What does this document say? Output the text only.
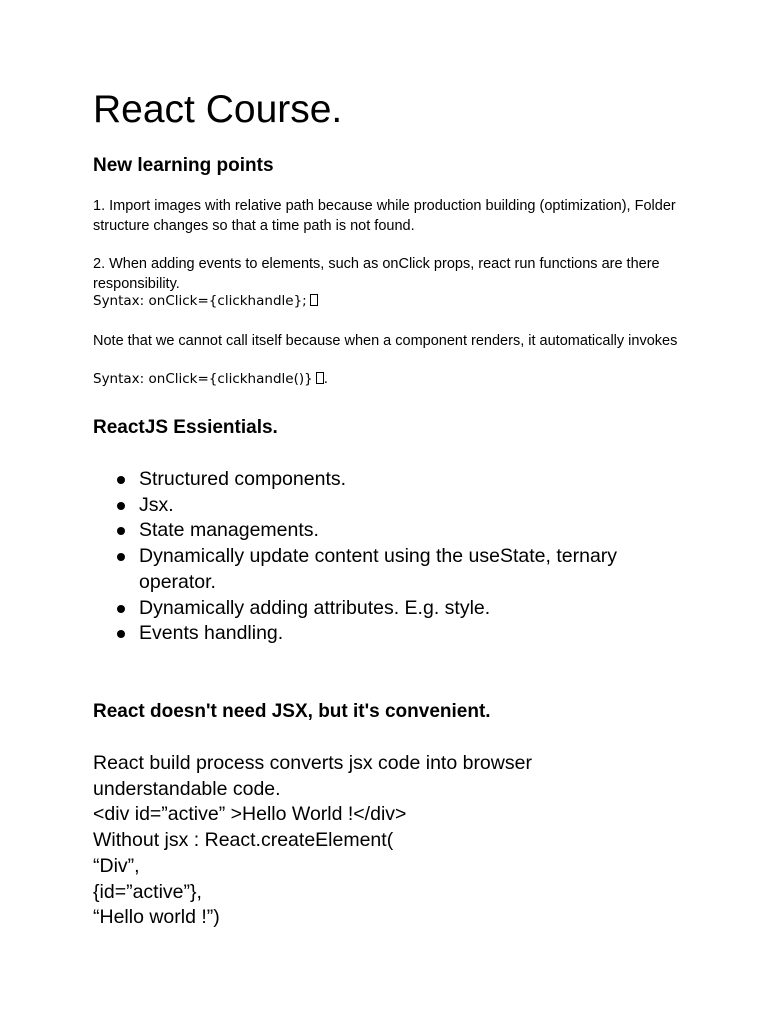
React Course.
New learning points

1. Import images with relative path because while production building (optimization), Folder structure changes so that a time path is not found.

2. When adding events to elements, such as onClick props, react run functions are there responsibility.

Syntax: onClick={clickhandle};

Note that we cannot call itself because when a component renders, it automatically invokes

Syntax: onClick={clickhandle()} .
ReactJS Essientials.
Structured components.
Jsx.
State managements.
Dynamically update content using the useState, ternary operator.
Dynamically adding attributes. E.g. style.
Events handling.
React doesn't need JSX, but it's convenient.
React build process converts jsx code into browser
understandable code.
<div id=”active” >Hello World !</div>
Without jsx : React.createElement(
“Div”,
{id=”active”},
“Hello world !”)
